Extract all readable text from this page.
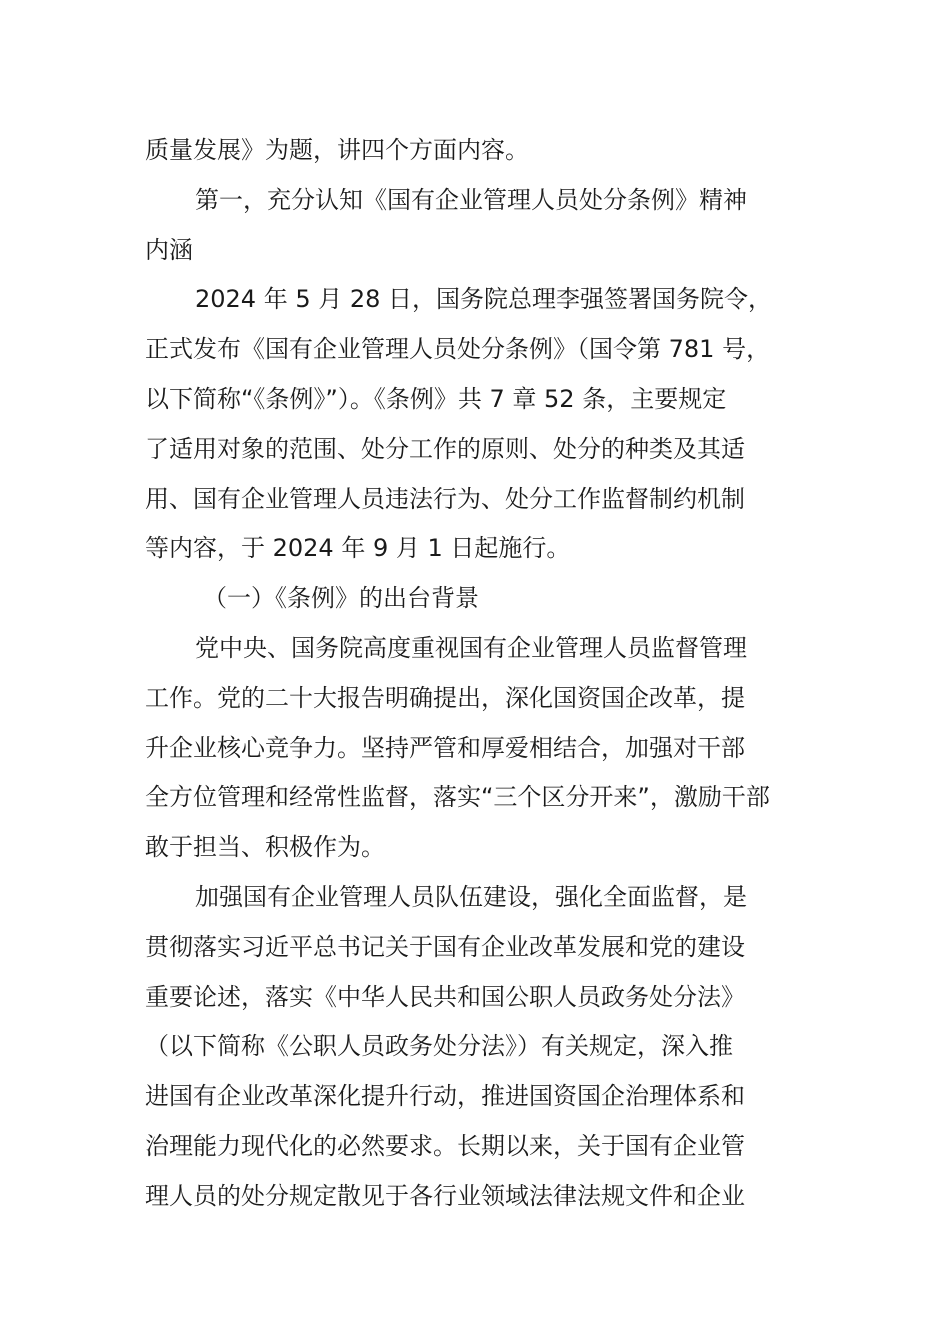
质量发展》为题，讲四个方面内容。
第一，充分认知《国有企业管理人员处分条例》精神
内涵
2024 年 5 月 28 日，国务院总理李强签署国务院令，
正式发布《国有企业管理人员处分条例》（国令第 781 号，
以下简称“《条例》”）。《条例》共 7 章 52 条，主要规定
了适用对象的范围、处分工作的原则、处分的种类及其适
用、国有企业管理人员违法行为、处分工作监督制约机制
等内容，于 2024 年 9 月 1 日起施行。
（一）《条例》的出台背景
党中央、国务院高度重视国有企业管理人员监督管理
工作。党的二十大报告明确提出，深化国资国企改革，提
升企业核心竞争力。坚持严管和厚爱相结合，加强对干部
全方位管理和经常性监督，落实“三个区分开来”，激励干部
敢于担当、积极作为。
加强国有企业管理人员队伍建设，强化全面监督，是
贯彻落实习近平总书记关于国有企业改革发展和党的建设
重要论述，落实《中华人民共和国公职人员政务处分法》
（以下简称《公职人员政务处分法》）有关规定，深入推
进国有企业改革深化提升行动，推进国资国企治理体系和
治理能力现代化的必然要求。长期以来，关于国有企业管
理人员的处分规定散见于各行业领域法律法规文件和企业
